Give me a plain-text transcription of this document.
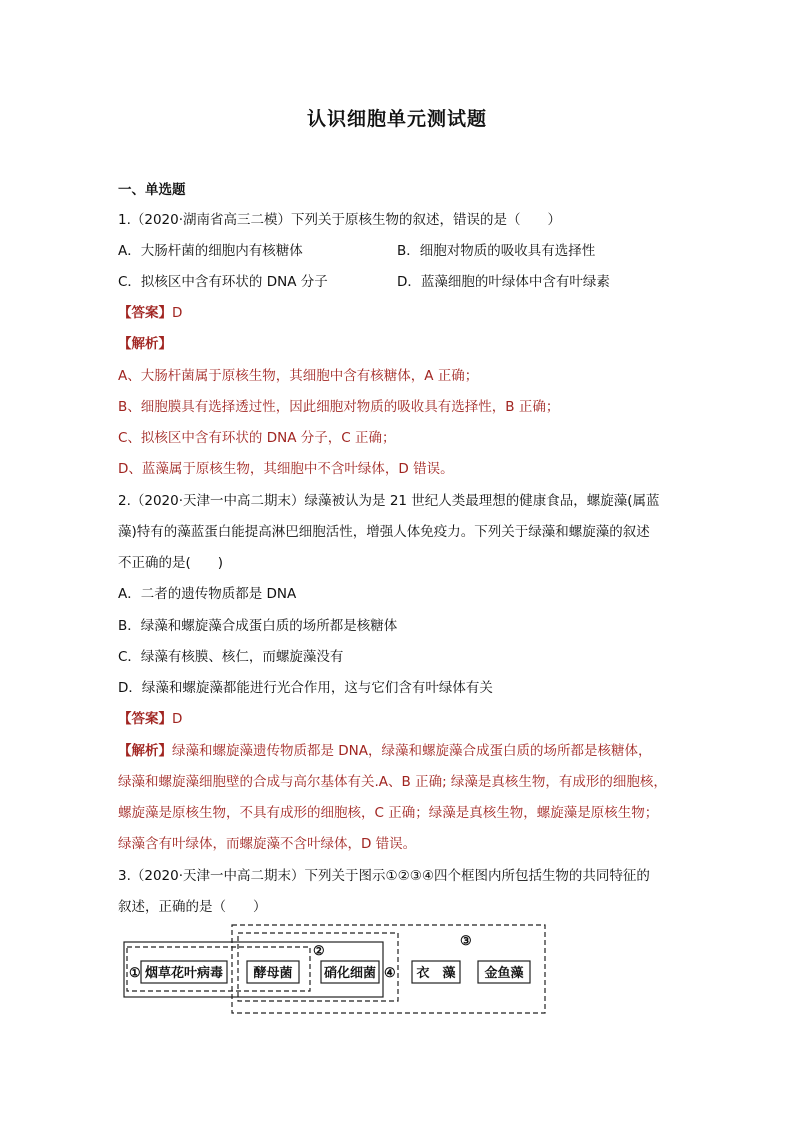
认识细胞单元测试题
一、单选题
1.（2020·湖南省高三二模）下列关于原核生物的叙述，错误的是（　　）
A．大肠杆菌的细胞内有核糖体	B．细胞对物质的吸收具有选择性
C．拟核区中含有环状的 DNA 分子	D．蓝藻细胞的叶绿体中含有叶绿素
【答案】D
【解析】
A、大肠杆菌属于原核生物，其细胞中含有核糖体，A 正确；
B、细胞膜具有选择透过性，因此细胞对物质的吸收具有选择性，B 正确；
C、拟核区中含有环状的 DNA 分子，C 正确；
D、蓝藻属于原核生物，其细胞中不含叶绿体，D 错误。
2.（2020·天津一中高二期末）绿藻被认为是 21 世纪人类最理想的健康食品，螺旋藻(属蓝
藻)特有的藻蓝蛋白能提高淋巴细胞活性，增强人体免疫力。下列关于绿藻和螺旋藻的叙述
不正确的是(　　)
A．二者的遗传物质都是 DNA
B．绿藻和螺旋藻合成蛋白质的场所都是核糖体
C．绿藻有核膜、核仁，而螺旋藻没有
D．绿藻和螺旋藻都能进行光合作用，这与它们含有叶绿体有关
【答案】D
【解析】绿藻和螺旋藻遗传物质都是 DNA，绿藻和螺旋藻合成蛋白质的场所都是核糖体，
绿藻和螺旋藻细胞壁的合成与高尔基体有关.A、B 正确; 绿藻是真核生物，有成形的细胞核，
螺旋藻是原核生物，不具有成形的细胞核，C 正确；绿藻是真核生物，螺旋藻是原核生物；
绿藻含有叶绿体，而螺旋藻不含叶绿体，D 错误。
3.（2020·天津一中高二期末）下列关于图示①②③④四个框图内所包括生物的共同特征的
叙述，正确的是（　　）
①
②
③
④
烟草花叶病毒 酵母菌 硝化细菌	衣　藻 金鱼藻
